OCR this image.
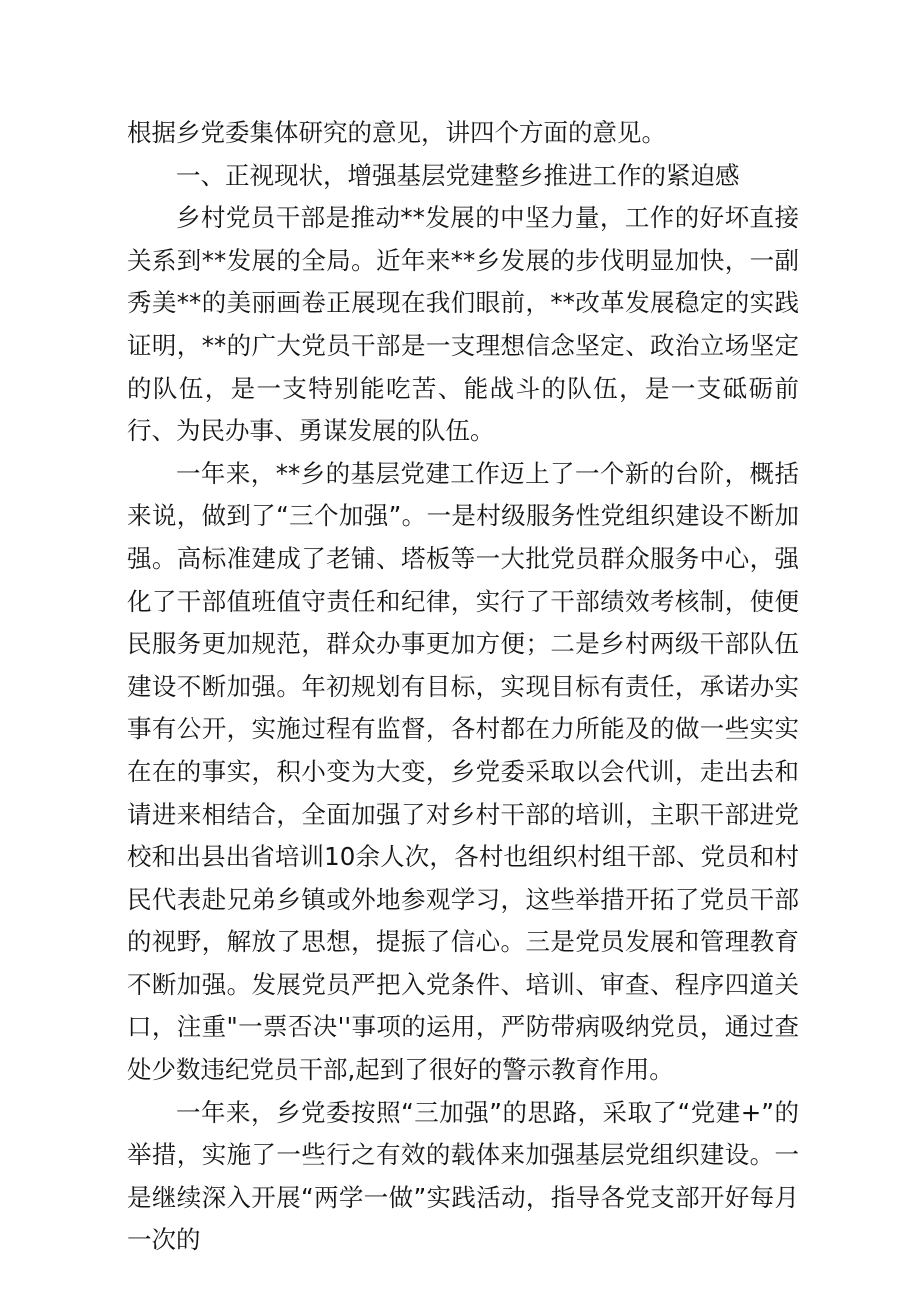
根据乡党委集体研究的意见，讲四个方面的意见。

一、正视现状，增强基层党建整乡推进工作的紧迫感

乡村党员干部是推动**发展的中坚力量，工作的好坏直接关系到**发展的全局。近年来**乡发展的步伐明显加快，一副秀美**的美丽画卷正展现在我们眼前，**改革发展稳定的实践证明，**的广大党员干部是一支理想信念坚定、政治立场坚定的队伍，是一支特别能吃苦、能战斗的队伍，是一支砥砺前行、为民办事、勇谋发展的队伍。

一年来，**乡的基层党建工作迈上了一个新的台阶，概括来说，做到了“三个加强”。一是村级服务性党组织建设不断加强。高标准建成了老铺、塔板等一大批党员群众服务中心，强化了干部值班值守责任和纪律，实行了干部绩效考核制，使便民服务更加规范，群众办事更加方便；二是乡村两级干部队伍建设不断加强。年初规划有目标，实现目标有责任，承诺办实事有公开，实施过程有监督，各村都在力所能及的做一些实实在在的事实，积小变为大变，乡党委采取以会代训，走出去和请进来相结合，全面加强了对乡村干部的培训，主职干部进党校和出县出省培训10余人次，各村也组织村组干部、党员和村民代表赴兄弟乡镇或外地参观学习，这些举措开拓了党员干部的视野，解放了思想，提振了信心。三是党员发展和管理教育不断加强。发展党员严把入党条件、培训、审查、程序四道关口，注重"一票否决''事项的运用，严防带病吸纳党员，通过查处少数违纪党员干部,起到了很好的警示教育作用。

一年来，乡党委按照“三加强”的思路，采取了“党建+”的举措，实施了一些行之有效的载体来加强基层党组织建设。一是继续深入开展“两学一做”实践活动，指导各党支部开好每月一次的
